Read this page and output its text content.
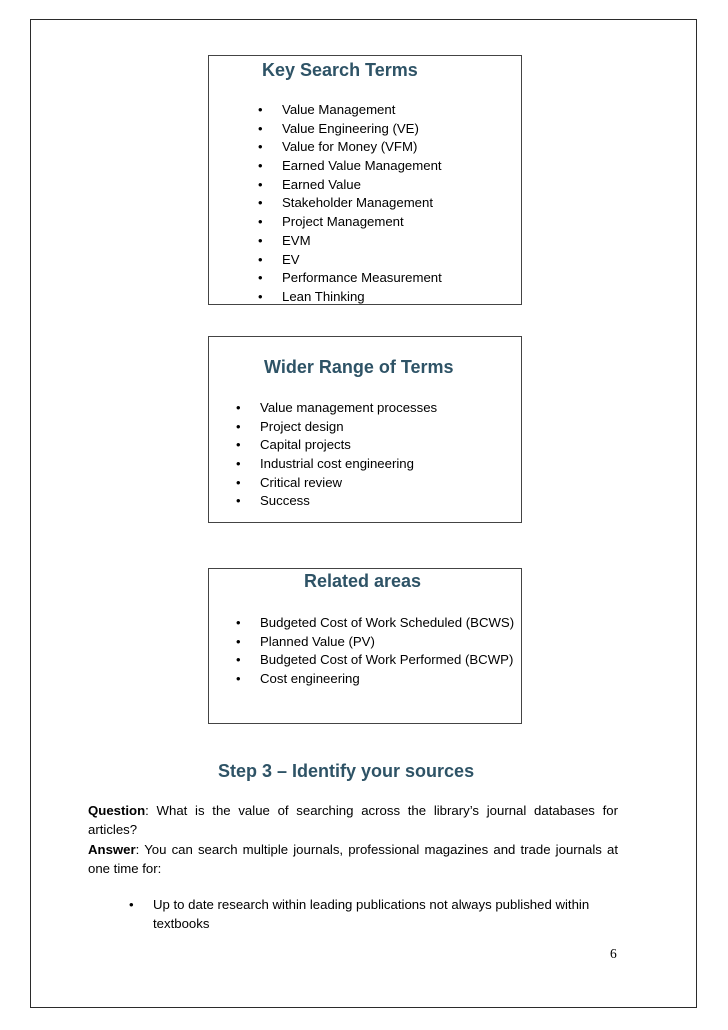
Key Search Terms
• Value Management
• Value Engineering (VE)
• Value for Money (VFM)
• Earned Value Management
• Earned Value
• Stakeholder Management
• Project Management
• EVM
• EV
• Performance Measurement
• Lean Thinking
Wider Range of Terms
• Value management processes
• Project design
• Capital projects
• Industrial cost engineering
• Critical review
• Success
Related areas
• Budgeted Cost of Work Scheduled (BCWS)
• Planned Value (PV)
• Budgeted Cost of Work Performed (BCWP)
• Cost engineering
Step 3 – Identify your sources

Question: What is the value of searching across the library’s journal databases for articles?

Answer: You can search multiple journals, professional magazines and trade journals at one time for:

• Up to date research within leading publications not always published within textbooks
6
